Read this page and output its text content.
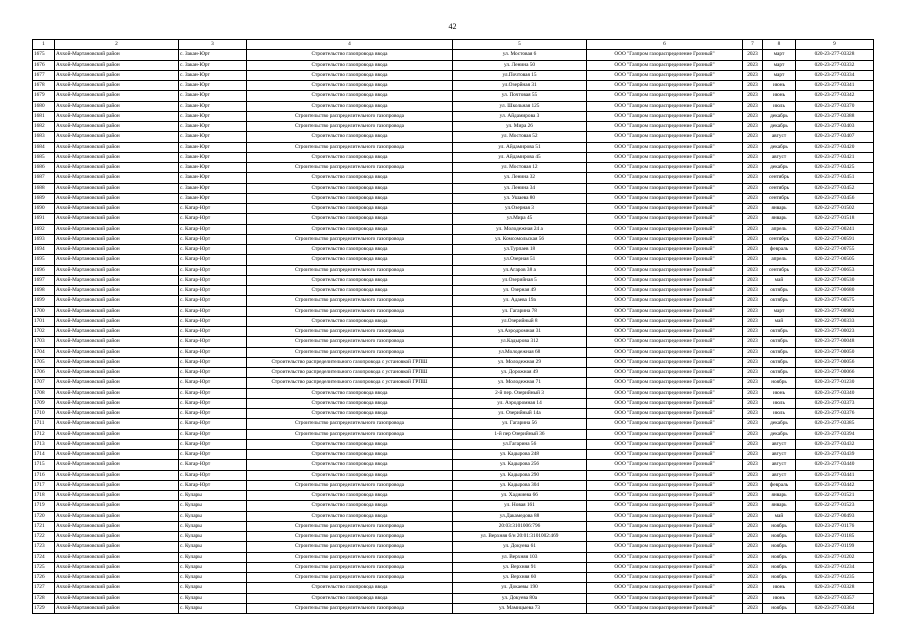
42
1	2	3	4	5	6	7	8	9
1675	Ачхой-Мартановский район	с. Закан-Юрт	Строительство газопровода ввода	ул. Мостовая 6	ООО "Газпром газораспределение Грозный"	2023	март	020-23-277-03328
1676	Ачхой-Мартановский район	с. Закан-Юрт	Строительство газопровода ввода	ул. Ленина 50	ООО "Газпром газораспределение Грозный"	2023	март	020-23-277-03332
1677	Ачхой-Мартановский район	с. Закан-Юрт	Строительство газопровода ввода	ул.Почтовая 15	ООО "Газпром газораспределение Грозный"	2023	март	020-23-277-03334
1678	Ачхой-Мартановский район	с. Закан-Юрт	Строительство газопровода ввода	ул.Озерйная 31	ООО "Газпром газораспределение Грозный"	2023	июнь	020-23-277-03341
1679	Ачхой-Мартановский район	с. Закан-Юрт	Строительство газопровода ввода	ул. Почтовая 55	ООО "Газпром газораспределение Грозный"	2023	июнь	020-23-277-03342
1680	Ачхой-Мартановский район	с. Закан-Юрт	Строительство газопровода ввода	ул. Школьная 125	ООО "Газпром газораспределение Грозный"	2023	июль	020-23-277-03370
1681	Ачхой-Мартановский район	с. Закан-Юрт	Строительство распределительного газопровода	ул. Айдамирова 3	ООО "Газпром газораспределение Грозный"	2023	декабрь	020-23-277-03388
1682	Ачхой-Мартановский район	с. Закан-Юрт	Строительство распределительного газопровода	ул. Мира 26	ООО "Газпром газораспределение Грозный"	2023	декабрь	020-23-277-03403
1683	Ачхой-Мартановский район	с. Закан-Юрт	Строительство газопровода ввода	ул. Мостовая 52	ООО "Газпром газораспределение Грозный"	2023	август	020-23-277-03407
1684	Ачхой-Мартановский район	с. Закан-Юрт	Строительство распределительного газопровода	ул. Айдамирова 51	ООО "Газпром газораспределение Грозный"	2023	декабрь	020-23-277-03420
1685	Ачхой-Мартановский район	с. Закан-Юрт	Строительство газопровода ввода	ул. Айдамирова 45	ООО "Газпром газораспределение Грозный"	2023	август	020-23-277-03421
1686	Ачхой-Мартановский район	с. Закан-Юрт	Строительство распределительного газопровода	ул. Мостовая 12	ООО "Газпром газораспределение Грозный"	2023	декабрь	020-23-277-03425
1687	Ачхой-Мартановский район	с. Закан-Юрт	Строительство газопровода ввода	ул. Ленина 32	ООО "Газпром газораспределение Грозный"	2023	сентябрь	020-23-277-03451
1688	Ачхой-Мартановский район	с. Закан-Юрт	Строительство газопровода ввода	ул. Ленина 34	ООО "Газпром газораспределение Грозный"	2023	сентябрь	020-23-277-03452
1689	Ачхой-Мартановский район	с. Закан-Юрт	Строительство газопровода ввода	ул. Ушаева 80	ООО "Газпром газораспределение Грозный"	2023	сентябрь	020-23-277-03456
1690	Ачхой-Мартановский район	с. Катар-Юрт	Строительство газопровода ввода	ул.Озерная 3	ООО "Газпром газораспределение Грозный"	2023	январь	020-22-277-01502
1691	Ачхой-Мартановский район	с. Катар-Юрт	Строительство газопровода ввода	ул.Мира 45	ООО "Газпром газораспределение Грозный"	2023	январь	020-22-277-01518
1692	Ачхой-Мартановский район	с. Катар-Юрт	Строительство газопровода ввода	ул. Молодежная 24 а	ООО "Газпром газораспределение Грозный"	2023	апрель	020-22-277-00241
1693	Ачхой-Мартановский район	с. Катар-Юрт	Строительство распределительного газопровода	ул. Комсомольская 56	ООО "Газпром газораспределение Грозный"	2023	сентябрь	020-22-277-00591
1694	Ачхой-Мартановский район	с. Катар-Юрт	Строительство газопровода ввода	ул.Турпаев 18	ООО "Газпром газораспределение Грозный"	2023	февраль	020-22-277-00755
1695	Ачхой-Мартановский район	с. Катар-Юрт	Строительство газопровода ввода	ул.Озерная 51	ООО "Газпром газораспределение Грозный"	2023	апрель	020-22-277-00505
1696	Ачхой-Мартановский район	с. Катар-Юрт	Строительство распределительного газопровода	ул.Агаров 38 а	ООО "Газпром газораспределение Грозный"	2023	сентябрь	020-22-277-00653
1697	Ачхой-Мартановский район	с. Катар-Юрт	Строительство газопровода ввода	ул.Озерийная 5	ООО "Газпром газораспределение Грозный"	2023	май	020-22-277-00530
1698	Ачхой-Мартановский район	с. Катар-Юрт	Строительство газопровода ввода	ул. Озерная 49	ООО "Газпром газораспределение Грозный"	2023	октябрь	020-22-277-00680
1699	Ачхой-Мартановский район	с. Катар-Юрт	Строительство распределительного газопровода	ул. Адаева 19а	ООО "Газпром газораспределение Грозный"	2023	октябрь	020-23-277-00575
1700	Ачхой-Мартановский район	с. Катар-Юрт	Строительство распределительного газопровода	ул. Гагарина 78	ООО "Газпром газораспределение Грозный"	2023	март	020-23-277-00982
1701	Ачхой-Мартановский район	с. Катар-Юрт	Строительство газопровода ввода	ул.Озерийный 8	ООО "Газпром газораспределение Грозный"	2023	май	020-22-277-00333
1702	Ачхой-Мартановский район	с. Катар-Юрт	Строительство распределительного газопровода	ул.Аэродромная 31	ООО "Газпром газораспределение Грозный"	2023	октябрь	020-23-277-00023
1703	Ачхой-Мартановский район	с. Катар-Юрт	Строительство распределительного газопровода	ул.Кадырова 312	ООО "Газпром газораспределение Грозный"	2023	октябрь	020-23-277-00048
1704	Ачхой-Мартановский район	с. Катар-Юрт	Строительство распределительного газопровода	ул.Молодежная 68	ООО "Газпром газораспределение Грозный"	2023	октябрь	020-23-277-00050
1705	Ачхой-Мартановский район	с. Катар-Юрт	Строительство распределительного газопровода с установкой ГРПШ	ул. Молодежная 29	ООО "Газпром газораспределение Грозный"	2023	октябрь	020-23-277-00056
1706	Ачхой-Мартановский район	с. Катар-Юрт	Строительство распределительного газопровода с установкой ГРПШ	ул. Дорожная 49	ООО "Газпром газораспределение Грозный"	2023	октябрь	020-23-277-00066
1707	Ачхой-Мартановский район	с. Катар-Юрт	Строительство распределительного газопровода с установкой ГРПШ	ул. Молодежная 71	ООО "Газпром газораспределение Грозный"	2023	ноябрь	020-23-277-01230
1708	Ачхой-Мартановский район	с. Катар-Юрт	Строительство газопровода ввода	2-й пер. Озерийный 3	ООО "Газпром газораспределение Грозный"	2023	июнь	020-23-277-03340
1709	Ачхой-Мартановский район	с. Катар-Юрт	Строительство газопровода ввода	ул. Аэродромная 14	ООО "Газпром газораспределение Грозный"	2023	июль	020-23-277-03373
1710	Ачхой-Мартановский район	с. Катар-Юрт	Строительство газопровода ввода	ул. Озерийный 14а	ООО "Газпром газораспределение Грозный"	2023	июль	020-23-277-03376
1711	Ачхой-Мартановский район	с. Катар-Юрт	Строительство распределительного газопровода	ул. Гагарина 56	ООО "Газпром газораспределение Грозный"	2023	декабрь	020-23-277-03385
1712	Ачхой-Мартановский район	с. Катар-Юрт	Строительство распределительного газопровода	1-й пер Озерийный 36	ООО "Газпром газораспределение Грозный"	2023	декабрь	020-23-277-03394
1713	Ачхой-Мартановский район	с. Катар-Юрт	Строительство газопровода ввода	ул.Гагарина 56	ООО "Газпром газораспределение Грозный"	2023	август	020-23-277-03432
1714	Ачхой-Мартановский район	с. Катар-Юрт	Строительство газопровода ввода	ул. Кадырова 248	ООО "Газпром газораспределение Грозный"	2023	август	020-23-277-03439
1715	Ачхой-Мартановский район	с. Катар-Юрт	Строительство газопровода ввода	ул. Кадырова 256	ООО "Газпром газораспределение Грозный"	2023	август	020-23-277-03440
1716	Ачхой-Мартановский район	с. Катар-Юрт	Строительство газопровода ввода	ул. Кадырова 290	ООО "Газпром газораспределение Грозный"	2023	август	020-23-277-03441
1717	Ачхой-Мартановский район	с. Катар-Юрт	Строительство распределительного газопровода	ул. Кадырова 304	ООО "Газпром газораспределение Грозный"	2023	февраль	020-23-277-03442
1718	Ачхой-Мартановский район	с. Кулары	Строительство газопровода ввода	ул. Хаджиева 66	ООО "Газпром газораспределение Грозный"	2023	январь	020-22-277-01521
1719	Ачхой-Мартановский район	с. Кулары	Строительство газопровода ввода	ул. Новая 161	ООО "Газпром газораспределение Грозный"	2023	январь	020-22-277-01523
1720	Ачхой-Мартановский район	с. Кулары	Строительство газопровода ввода	ул.Дакамедова 88	ООО "Газпром газораспределение Грозный"	2023	май	020-22-277-00493
1721	Ачхой-Мартановский район	с. Кулары	Строительство распределительного газопровода	20:03:3101006:796	ООО "Газпром газораспределение Грозный"	2023	ноябрь	020-23-277-01176
1722	Ачхой-Мартановский район	с. Кулары	Строительство распределительного газопровода	ул. Верхняя б/н 20:01:3101002:469	ООО "Газпром газораспределение Грозный"	2023	ноябрь	020-23-277-01185
1723	Ачхой-Мартановский район	с. Кулары	Строительство распределительного газопровода	ул. Докуева 61	ООО "Газпром газораспределение Грозный"	2023	ноябрь	020-23-277-01199
1724	Ачхой-Мартановский район	с. Кулары	Строительство распределительного газопровода	ул. Верхняя 103	ООО "Газпром газораспределение Грозный"	2023	ноябрь	020-23-277-01202
1725	Ачхой-Мартановский район	с. Кулары	Строительство распределительного газопровода	ул. Верхняя 91	ООО "Газпром газораспределение Грозный"	2023	ноябрь	020-23-277-01234
1726	Ачхой-Мартановский район	с. Кулары	Строительство распределительного газопровода	ул. Верхняя 60	ООО "Газпром газораспределение Грозный"	2023	ноябрь	020-23-277-01235
1727	Ачхой-Мартановский район	с. Кулары	Строительство газопровода ввода	ул. Докаевы 190	ООО "Газпром газораспределение Грозный"	2023	июнь	020-23-277-03328
1728	Ачхой-Мартановский район	с. Кулары	Строительство газопровода ввода	ул. Докуева 80а	ООО "Газпром газораспределение Грозный"	2023	июнь	020-23-277-03357
1729	Ачхой-Мартановский район	с. Кулары	Строительство распределительного газопровода	ул. Мамицыева 73	ООО "Газпром газораспределение Грозный"	2023	ноябрь	020-23-277-03364
